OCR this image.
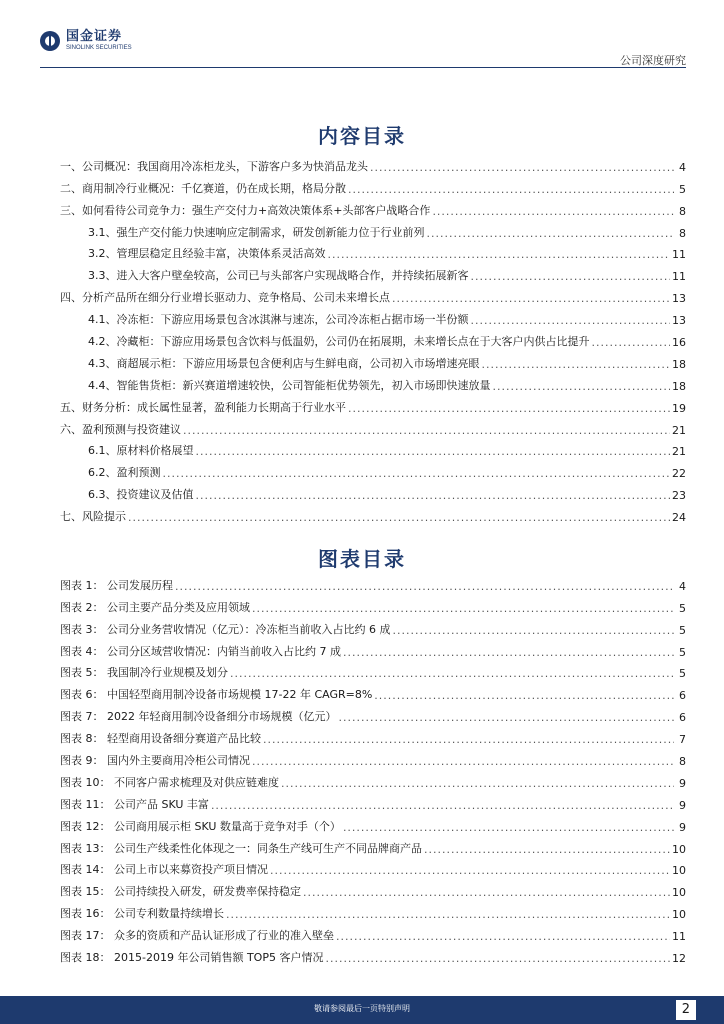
国金证券
SINOLINK SECURITIES
公司深度研究
内容目录
一、公司概况：我国商用冷冻柜龙头，下游客户多为快消品龙头 .....	4
二、商用制冷行业概况：千亿赛道，仍在成长期，格局分散 .....	5
三、如何看待公司竞争力：强生产交付力+高效决策体系+头部客户战略合作 .....	8
3.1、强生产交付能力快速响应定制需求，研发创新能力位于行业前列 .....	8
3.2、管理层稳定且经验丰富，决策体系灵活高效 .....	11
3.3、进入大客户壁垒较高，公司已与头部客户实现战略合作，并持续拓展新客 .....	11
四、分析产品所在细分行业增长驱动力、竞争格局、公司未来增长点 .....	13
4.1、冷冻柜：下游应用场景包含冰淇淋与速冻，公司冷冻柜占据市场一半份额 .....	13
4.2、冷藏柜：下游应用场景包含饮料与低温奶，公司仍在拓展期，未来增长点在于大客户内供占比提升 .....	16
4.3、商超展示柜：下游应用场景包含便利店与生鲜电商，公司初入市场增速亮眼 .....	18
4.4、智能售货柜：新兴赛道增速较快，公司智能柜优势领先，初入市场即快速放量 .....	18
五、财务分析：成长属性显著，盈利能力长期高于行业水平 .....	19
六、盈利预测与投资建议 .....	21
6.1、原材料价格展望 .....	21
6.2、盈利预测 .....	22
6.3、投资建议及估值 .....	23
七、风险提示 .....	24
图表目录
图表 1： 公司发展历程 .....	4
图表 2： 公司主要产品分类及应用领域 .....	5
图表 3： 公司分业务营收情况（亿元）：冷冻柜当前收入占比约 6 成 .....	5
图表 4： 公司分区域营收情况：内销当前收入占比约 7 成 .....	5
图表 5： 我国制冷行业规模及划分 .....	5
图表 6： 中国轻型商用制冷设备市场规模 17-22 年 CAGR=8% .....	6
图表 7： 2022 年轻商用制冷设备细分市场规模（亿元） .....	6
图表 8： 轻型商用设备细分赛道产品比较 .....	7
图表 9： 国内外主要商用冷柜公司情况 .....	8
图表 10： 不同客户需求梳理及对供应链难度 .....	9
图表 11： 公司产品 SKU 丰富 .....	9
图表 12： 公司商用展示柜 SKU 数量高于竞争对手（个） .....	9
图表 13： 公司生产线柔性化体现之一：同条生产线可生产不同品牌商产品 .....	10
图表 14： 公司上市以来募资投产项目情况 .....	10
图表 15： 公司持续投入研发，研发费率保持稳定 .....	10
图表 16： 公司专利数量持续增长 .....	10
图表 17： 众多的资质和产品认证形成了行业的准入壁垒 .....	11
图表 18： 2015-2019 年公司销售额 TOP5 客户情况 .....	12
敬请参阅最后一页特别声明	2
